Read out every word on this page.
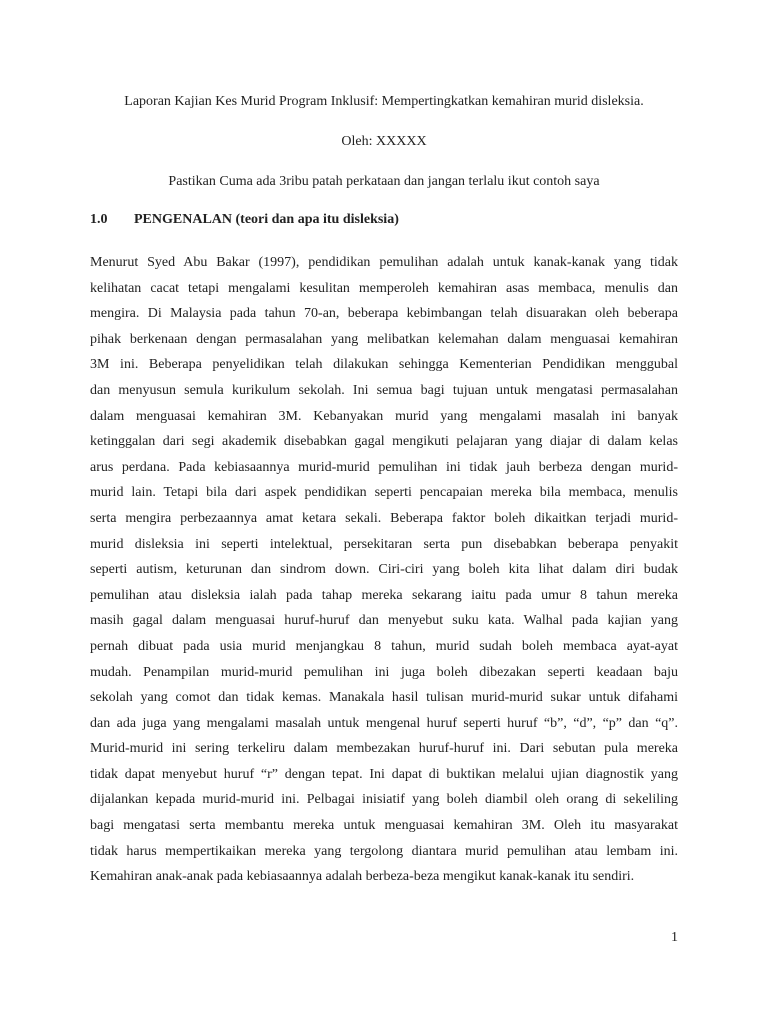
Laporan Kajian Kes Murid Program Inklusif: Mempertingkatkan kemahiran murid disleksia.
Oleh: XXXXX
Pastikan Cuma ada 3ribu patah perkataan dan jangan terlalu ikut contoh saya
1.0 PENGENALAN (teori dan apa itu disleksia)
Menurut Syed Abu Bakar (1997), pendidikan pemulihan adalah untuk kanak-kanak yang tidak
kelihatan cacat tetapi mengalami kesulitan memperoleh kemahiran asas membaca, menulis dan
mengira. Di Malaysia pada tahun 70-an, beberapa kebimbangan telah disuarakan oleh beberapa
pihak berkenaan dengan permasalahan yang melibatkan kelemahan dalam menguasai kemahiran
3M ini. Beberapa penyelidikan telah dilakukan sehingga Kementerian Pendidikan menggubal
dan menyusun semula kurikulum sekolah. Ini semua bagi tujuan untuk mengatasi permasalahan
dalam menguasai kemahiran 3M. Kebanyakan murid yang mengalami masalah ini banyak
ketinggalan dari segi akademik disebabkan gagal mengikuti pelajaran yang diajar di dalam kelas
arus perdana. Pada kebiasaannya murid-murid pemulihan ini tidak jauh berbeza dengan murid-
murid lain. Tetapi bila dari aspek pendidikan seperti pencapaian mereka bila membaca, menulis
serta mengira perbezaannya amat ketara sekali. Beberapa faktor boleh dikaitkan terjadi murid-
murid disleksia ini seperti intelektual, persekitaran serta pun disebabkan beberapa penyakit
seperti autism, keturunan dan sindrom down. Ciri-ciri yang boleh kita lihat dalam diri budak
pemulihan atau disleksia ialah pada tahap mereka sekarang iaitu pada umur 8 tahun mereka
masih gagal dalam menguasai huruf-huruf dan menyebut suku kata. Walhal pada kajian yang
pernah dibuat pada usia murid menjangkau 8 tahun, murid sudah boleh membaca ayat-ayat
mudah. Penampilan murid-murid pemulihan ini juga boleh dibezakan seperti keadaan baju
sekolah yang comot dan tidak kemas. Manakala hasil tulisan murid-murid sukar untuk difahami
dan ada juga yang mengalami masalah untuk mengenal huruf seperti huruf “b”, “d”, “p” dan “q”.
Murid-murid ini sering terkeliru dalam membezakan huruf-huruf ini. Dari sebutan pula mereka
tidak dapat menyebut huruf “r” dengan tepat. Ini dapat di buktikan melalui ujian diagnostik yang
dijalankan kepada murid-murid ini. Pelbagai inisiatif yang boleh diambil oleh orang di sekeliling
bagi mengatasi serta membantu mereka untuk menguasai kemahiran 3M. Oleh itu masyarakat
tidak harus mempertikaikan mereka yang tergolong diantara murid pemulihan atau lembam ini.
Kemahiran anak-anak pada kebiasaannya adalah berbeza-beza mengikut kanak-kanak itu sendiri.
1
